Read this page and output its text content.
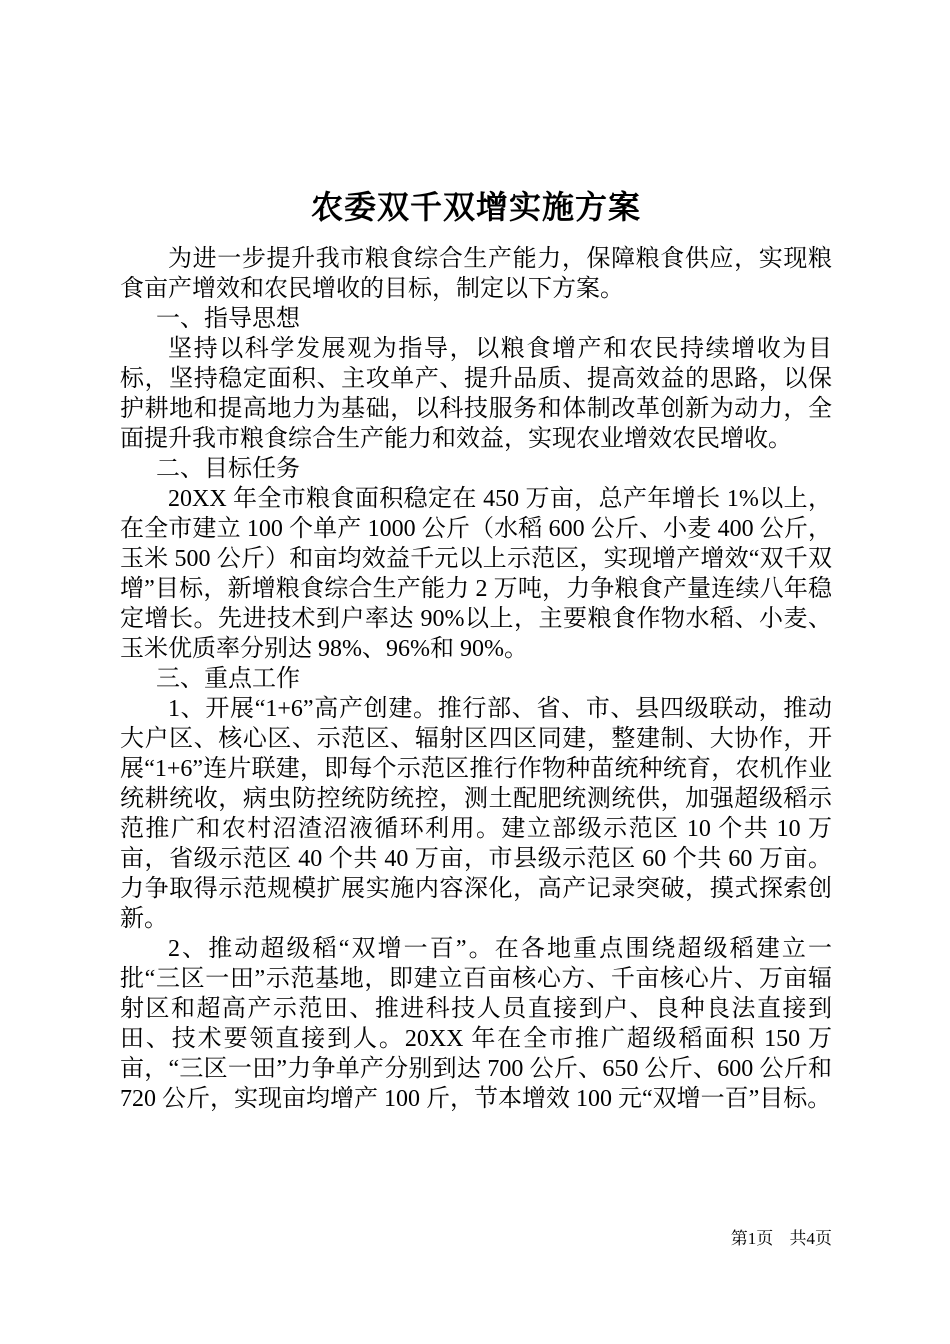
农委双千双增实施方案

为进一步提升我市粮食综合生产能力，保障粮食供应，实现粮食亩产增效和农民增收的目标，制定以下方案。

一、指导思想

坚持以科学发展观为指导，以粮食增产和农民持续增收为目标，坚持稳定面积、主攻单产、提升品质、提高效益的思路，以保护耕地和提高地力为基础，以科技服务和体制改革创新为动力，全面提升我市粮食综合生产能力和效益，实现农业增效农民增收。

二、目标任务

20XX 年全市粮食面积稳定在 450 万亩，总产年增长 1%以上，在全市建立 100 个单产 1000 公斤（水稻 600 公斤、小麦 400 公斤，玉米 500 公斤）和亩均效益千元以上示范区，实现增产增效“双千双增”目标，新增粮食综合生产能力 2 万吨，力争粮食产量连续八年稳定增长。先进技术到户率达 90%以上，主要粮食作物水稻、小麦、玉米优质率分别达 98%、96%和 90%。

三、重点工作

1、开展“1+6”高产创建。推行部、省、市、县四级联动，推动大户区、核心区、示范区、辐射区四区同建，整建制、大协作，开展“1+6”连片联建，即每个示范区推行作物种苗统种统育，农机作业统耕统收，病虫防控统防统控，测土配肥统测统供，加强超级稻示范推广和农村沼渣沼液循环利用。建立部级示范区 10 个共 10 万亩，省级示范区 40 个共 40 万亩，市县级示范区 60 个共 60 万亩。力争取得示范规模扩展实施内容深化，高产记录突破，摸式探索创新。

2、推动超级稻“双增一百”。在各地重点围绕超级稻建立一批“三区一田”示范基地，即建立百亩核心方、千亩核心片、万亩辐射区和超高产示范田、推进科技人员直接到户、良种良法直接到田、技术要领直接到人。20XX 年在全市推广超级稻面积 150 万亩，“三区一田”力争单产分别到达 700 公斤、650 公斤、600 公斤和 720 公斤，实现亩均增产 100 斤，节本增效 100 元“双增一百”目标。

第1页 共4页
